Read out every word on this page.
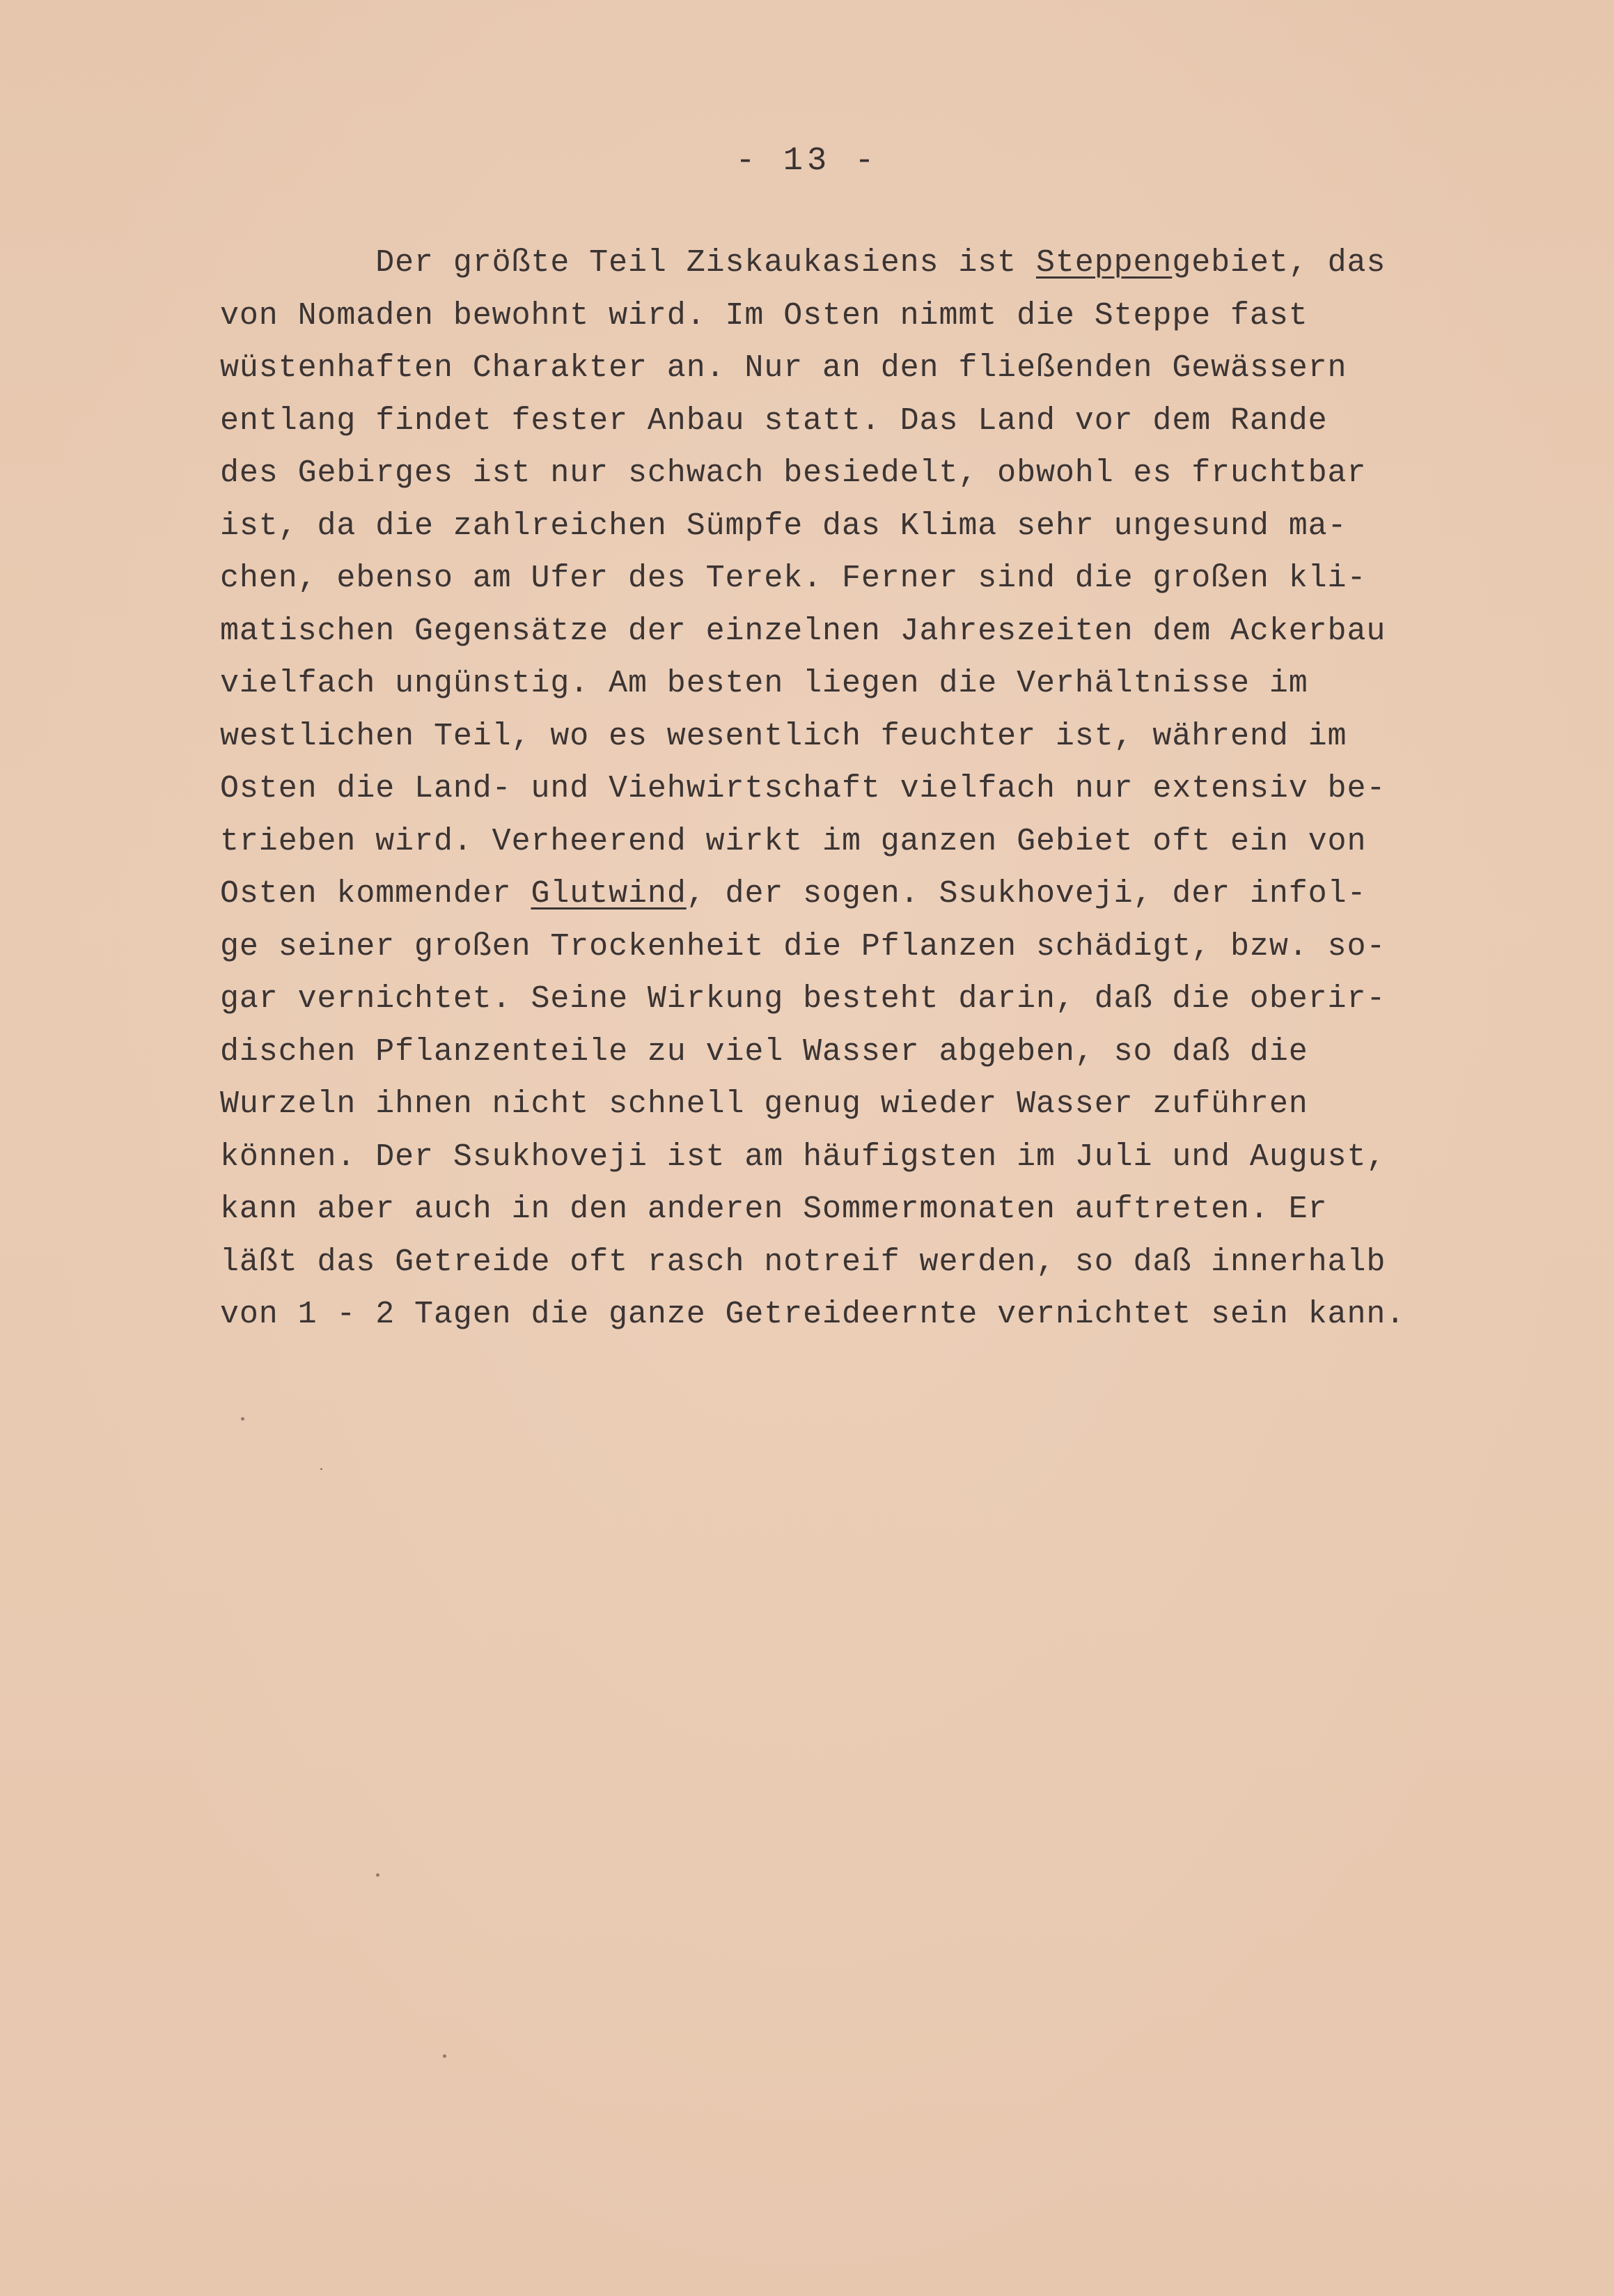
- 13 -
Der größte Teil Ziskaukasiens ist Steppengebiet, das
von Nomaden bewohnt wird. Im Osten nimmt die Steppe fast
wüstenhaften Charakter an. Nur an den fließenden Gewässern
entlang findet fester Anbau statt. Das Land vor dem Rande
des Gebirges ist nur schwach besiedelt, obwohl es fruchtbar
ist, da die zahlreichen Sümpfe das Klima sehr ungesund ma-
chen, ebenso am Ufer des Terek. Ferner sind die großen kli-
matischen Gegensätze der einzelnen Jahreszeiten dem Ackerbau
vielfach ungünstig. Am besten liegen die Verhältnisse im
westlichen Teil, wo es wesentlich feuchter ist, während im
Osten die Land- und Viehwirtschaft vielfach nur extensiv be-
trieben wird. Verheerend wirkt im ganzen Gebiet oft ein von
Osten kommender Glutwind, der sogen. Ssukhoveji, der infol-
ge seiner großen Trockenheit die Pflanzen schädigt, bzw. so-
gar vernichtet. Seine Wirkung besteht darin, daß die oberir-
dischen Pflanzenteile zu viel Wasser abgeben, so daß die
Wurzeln ihnen nicht schnell genug wieder Wasser zuführen
können. Der Ssukhoveji ist am häufigsten im Juli und August,
kann aber auch in den anderen Sommermonaten auftreten. Er
läßt das Getreide oft rasch notreif werden, so daß innerhalb
von 1 - 2 Tagen die ganze Getreideernte vernichtet sein kann.
